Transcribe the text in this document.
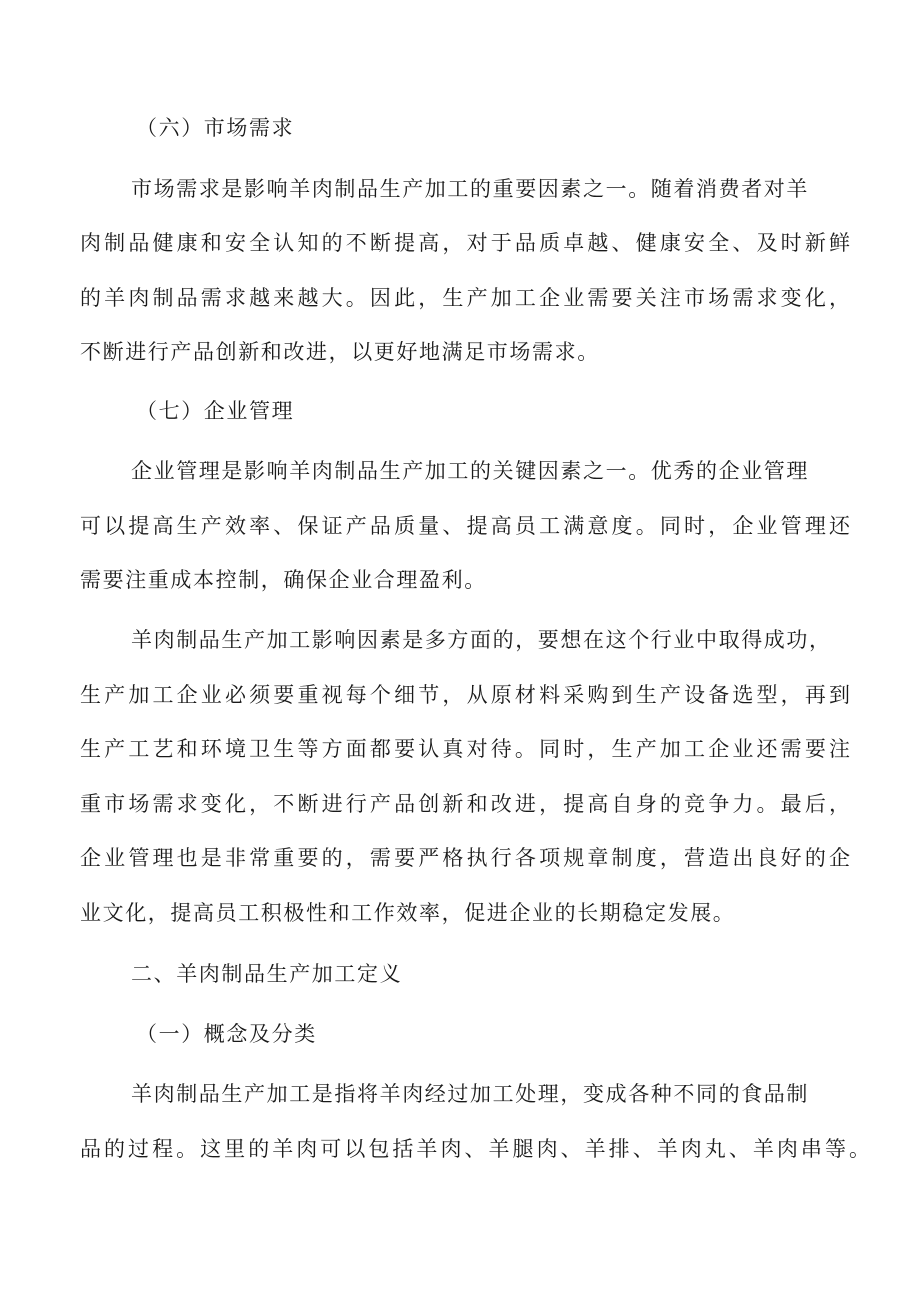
（六）市场需求
市场需求是影响羊肉制品生产加工的重要因素之一。随着消费者对羊
肉制品健康和安全认知的不断提高，对于品质卓越、健康安全、及时新鲜
的羊肉制品需求越来越大。因此，生产加工企业需要关注市场需求变化，
不断进行产品创新和改进，以更好地满足市场需求。
（七）企业管理
企业管理是影响羊肉制品生产加工的关键因素之一。优秀的企业管理
可以提高生产效率、保证产品质量、提高员工满意度。同时，企业管理还
需要注重成本控制，确保企业合理盈利。
羊肉制品生产加工影响因素是多方面的，要想在这个行业中取得成功，
生产加工企业必须要重视每个细节，从原材料采购到生产设备选型，再到
生产工艺和环境卫生等方面都要认真对待。同时，生产加工企业还需要注
重市场需求变化，不断进行产品创新和改进，提高自身的竞争力。最后，
企业管理也是非常重要的，需要严格执行各项规章制度，营造出良好的企
业文化，提高员工积极性和工作效率，促进企业的长期稳定发展。
二、羊肉制品生产加工定义
（一）概念及分类
羊肉制品生产加工是指将羊肉经过加工处理，变成各种不同的食品制
品的过程。这里的羊肉可以包括羊肉、羊腿肉、羊排、羊肉丸、羊肉串等。
